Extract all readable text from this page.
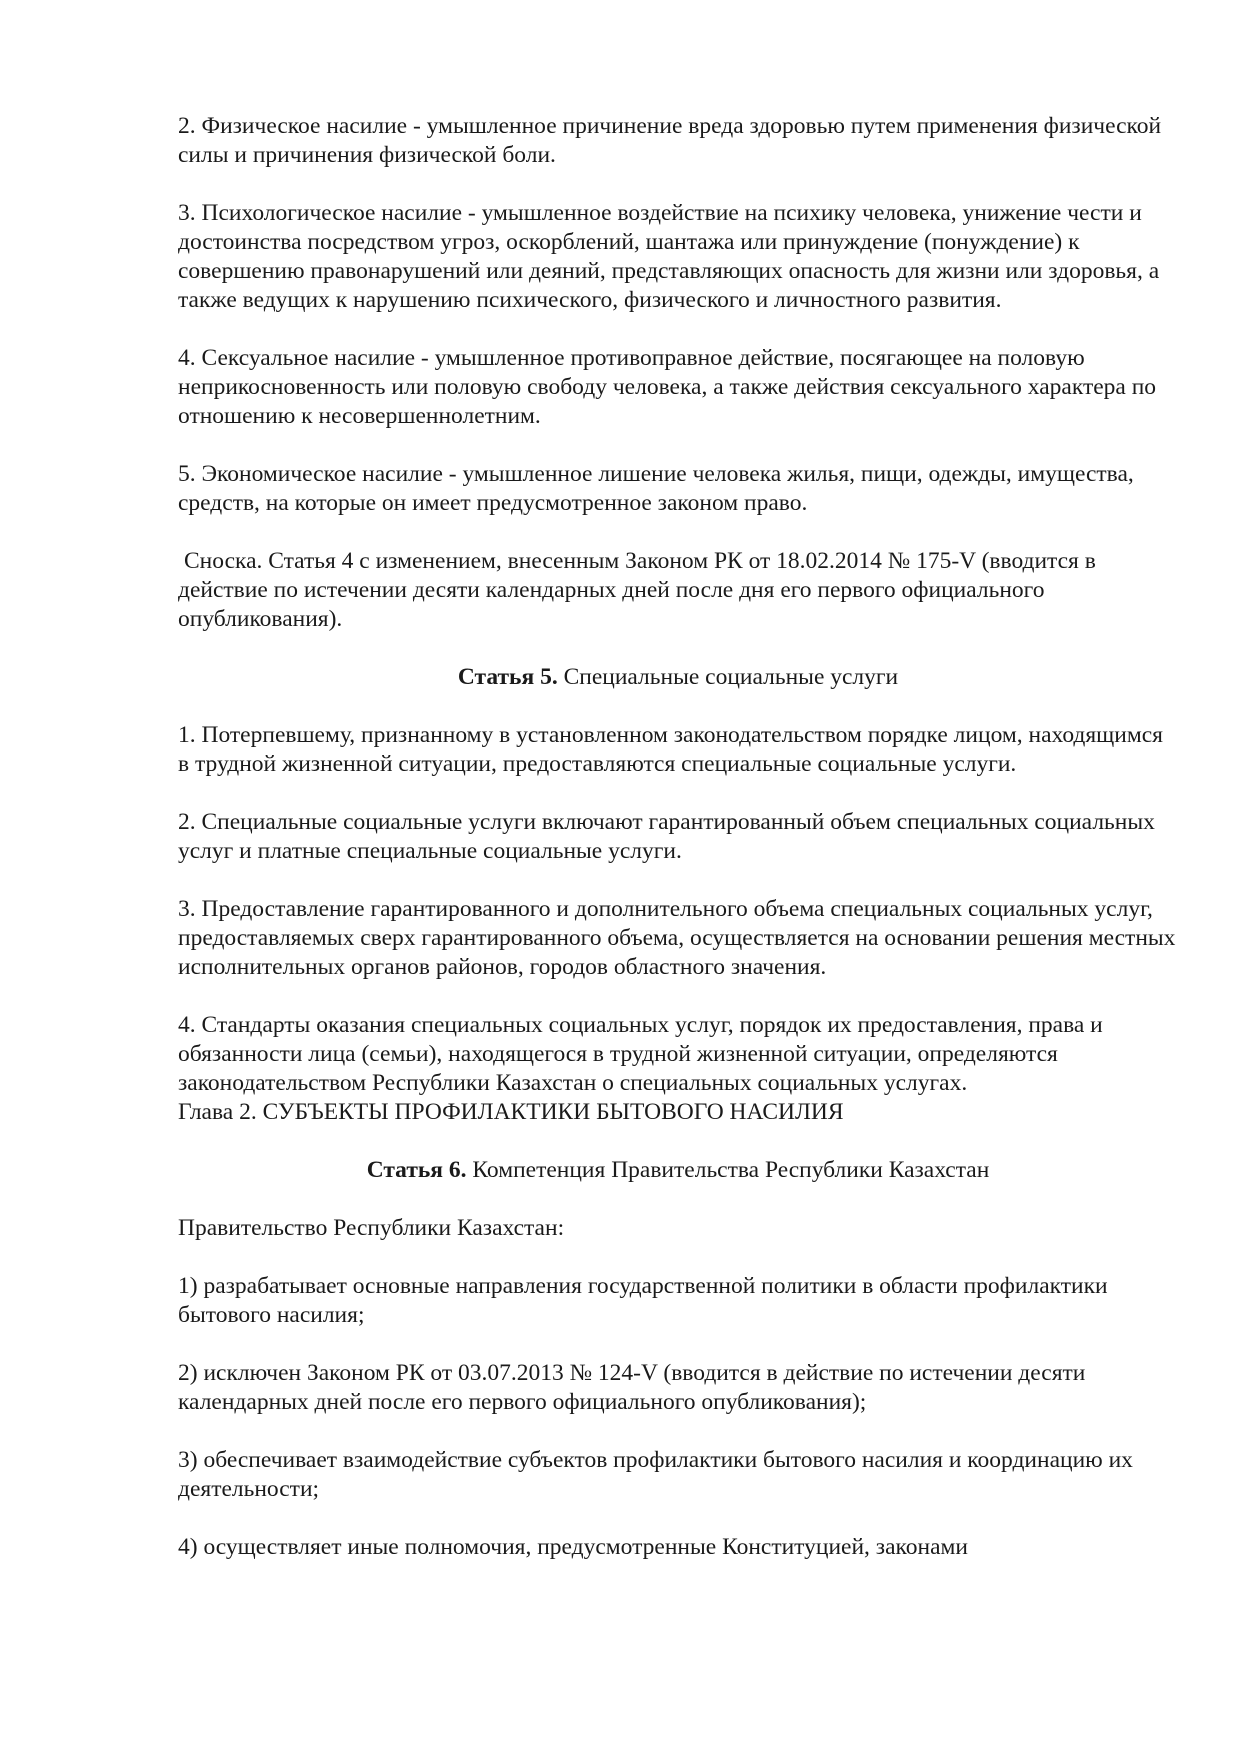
2. Физическое насилие - умышленное причинение вреда здоровью путем применения физической силы и причинения физической боли.

3. Психологическое насилие - умышленное воздействие на психику человека, унижение чести и достоинства посредством угроз, оскорблений, шантажа или принуждение (понуждение) к совершению правонарушений или деяний, представляющих опасность для жизни или здоровья, а также ведущих к нарушению психического, физического и личностного развития.

4. Сексуальное насилие - умышленное противоправное действие, посягающее на половую неприкосновенность или половую свободу человека, а также действия сексуального характера по отношению к несовершеннолетним.

5. Экономическое насилие - умышленное лишение человека жилья, пищи, одежды, имущества, средств, на которые он имеет предусмотренное законом право.

Сноска. Статья 4 с изменением, внесенным Законом РК от 18.02.2014 № 175-V (вводится в действие по истечении десяти календарных дней после дня его первого официального опубликования).

Статья 5. Специальные социальные услуги

1. Потерпевшему, признанному в установленном законодательством порядке лицом, находящимся в трудной жизненной ситуации, предоставляются специальные социальные услуги.

2. Специальные социальные услуги включают гарантированный объем специальных социальных услуг и платные специальные социальные услуги.

3. Предоставление гарантированного и дополнительного объема специальных социальных услуг, предоставляемых сверх гарантированного объема, осуществляется на основании решения местных исполнительных органов районов, городов областного значения.

4. Стандарты оказания специальных социальных услуг, порядок их предоставления, права и обязанности лица (семьи), находящегося в трудной жизненной ситуации, определяются законодательством Республики Казахстан о специальных социальных услугах.

Глава 2. СУБЪЕКТЫ ПРОФИЛАКТИКИ БЫТОВОГО НАСИЛИЯ

Статья 6. Компетенция Правительства Республики Казахстан

Правительство Республики Казахстан:

1) разрабатывает основные направления государственной политики в области профилактики бытового насилия;

2) исключен Законом РК от 03.07.2013 № 124-V (вводится в действие по истечении десяти календарных дней после его первого официального опубликования);

3) обеспечивает взаимодействие субъектов профилактики бытового насилия и координацию их деятельности;

4) осуществляет иные полномочия, предусмотренные Конституцией, законами
